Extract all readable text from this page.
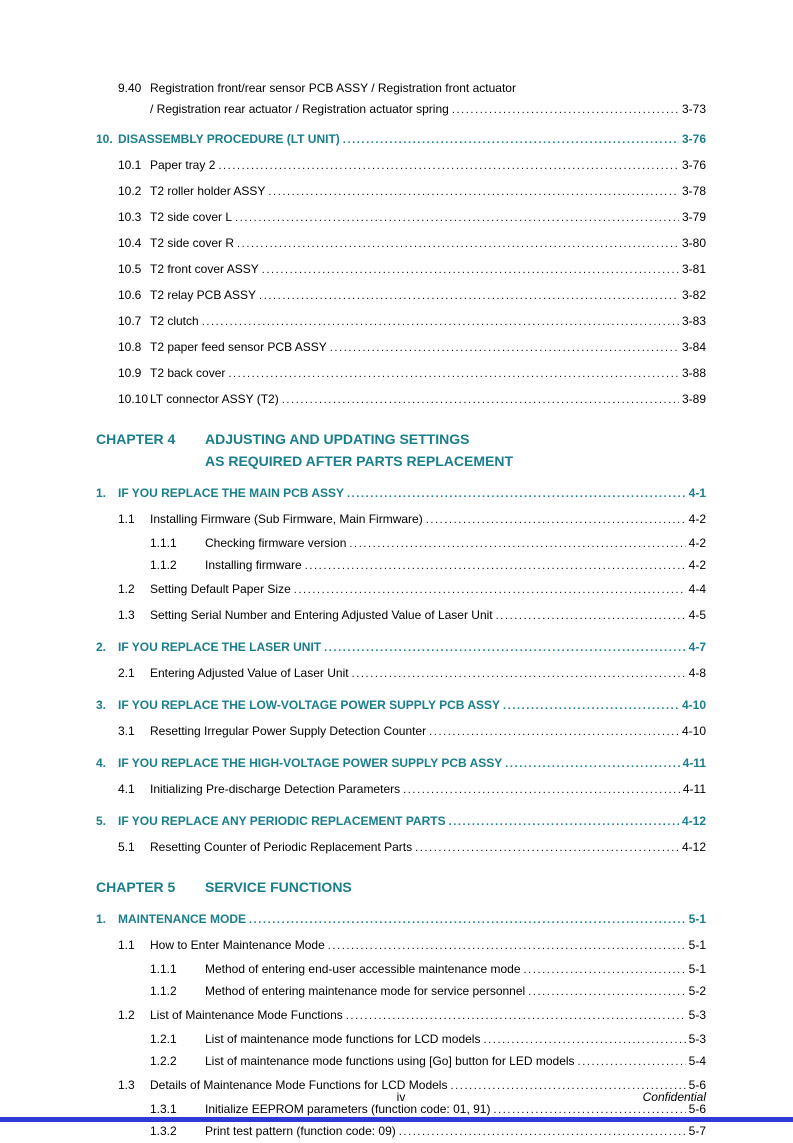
9.40 Registration front/rear sensor PCB ASSY / Registration front actuator
/ Registration rear actuator / Registration actuator spring .....	3-73
10. DISASSEMBLY PROCEDURE (LT UNIT) .....	3-76
10.1 Paper tray 2 .....	3-76
10.2 T2 roller holder ASSY .....	3-78
10.3 T2 side cover L .....	3-79
10.4 T2 side cover R .....	3-80
10.5 T2 front cover ASSY .....	3-81
10.6 T2 relay PCB ASSY .....	3-82
10.7 T2 clutch .....	3-83
10.8 T2 paper feed sensor PCB ASSY .....	3-84
10.9 T2 back cover .....	3-88
10.10 LT connector ASSY (T2) .....	3-89
CHAPTER 4	ADJUSTING AND UPDATING SETTINGS
AS REQUIRED AFTER PARTS REPLACEMENT
1. IF YOU REPLACE THE MAIN PCB ASSY .....	4-1
1.1	Installing Firmware (Sub Firmware, Main Firmware) .....	4-2
1.1.1	Checking firmware version .....	4-2
1.1.2	Installing firmware .....	4-2
1.2	Setting Default Paper Size .....	4-4
1.3	Setting Serial Number and Entering Adjusted Value of Laser Unit .....	4-5
2. IF YOU REPLACE THE LASER UNIT .....	4-7
2.1	Entering Adjusted Value of Laser Unit .....	4-8
3. IF YOU REPLACE THE LOW-VOLTAGE POWER SUPPLY PCB ASSY .....	4-10
3.1	Resetting Irregular Power Supply Detection Counter .....	4-10
4. IF YOU REPLACE THE HIGH-VOLTAGE POWER SUPPLY PCB ASSY .....	4-11
4.1	Initializing Pre-discharge Detection Parameters .....	4-11
5. IF YOU REPLACE ANY PERIODIC REPLACEMENT PARTS .....	4-12
5.1	Resetting Counter of Periodic Replacement Parts .....	4-12
CHAPTER 5	SERVICE FUNCTIONS
1. MAINTENANCE MODE .....	5-1
1.1	How to Enter Maintenance Mode .....	5-1
1.1.1	Method of entering end-user accessible maintenance mode .....	5-1
1.1.2	Method of entering maintenance mode for service personnel .....	5-2
1.2	List of Maintenance Mode Functions .....	5-3
1.2.1	List of maintenance mode functions for LCD models .....	5-3
1.2.2	List of maintenance mode functions using [Go] button for LED models .....	5-4
1.3	Details of Maintenance Mode Functions for LCD Models .....	5-6
1.3.1	Initialize EEPROM parameters (function code: 01, 91) .....	5-6
1.3.2	Print test pattern (function code: 09) .....	5-7
iv	Confidential
